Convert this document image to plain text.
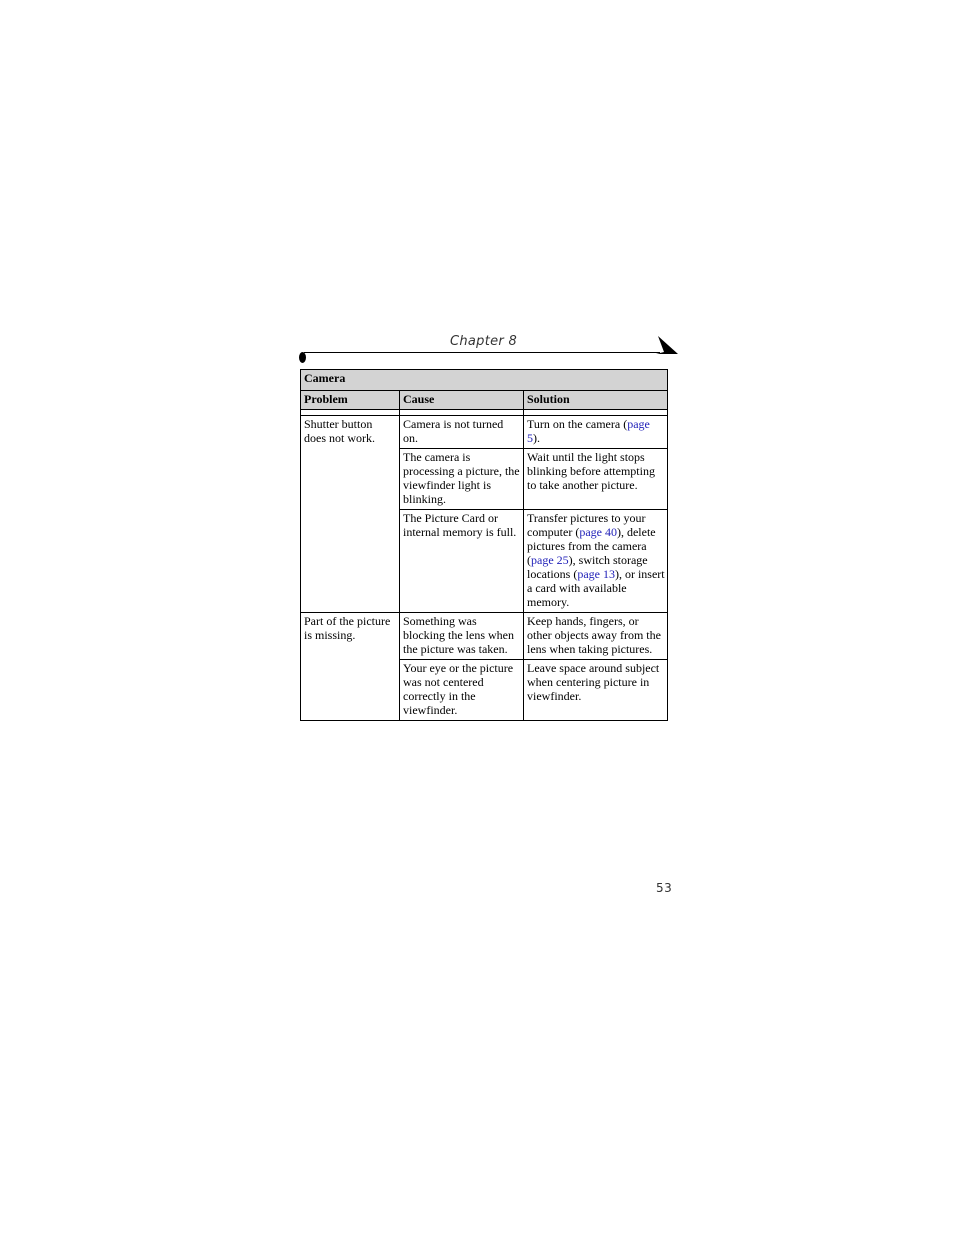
Chapter 8
Camera		
Problem	Cause	Solution

Shutter button does not work.	Camera is not turned on.	Turn on the camera (page 5).
	The camera is processing a picture, the viewfinder light is blinking.	Wait until the light stops blinking before attempting to take another picture.
	The Picture Card or internal memory is full.	Transfer pictures to your computer (page 40), delete pictures from the camera (page 25), switch storage locations (page 13), or insert a card with available memory.
Part of the picture is missing.	Something was blocking the lens when the picture was taken.	Keep hands, fingers, or other objects away from the lens when taking pictures.
	Your eye or the picture was not centered correctly in the viewfinder.	Leave space around subject when centering picture in viewfinder.
53
